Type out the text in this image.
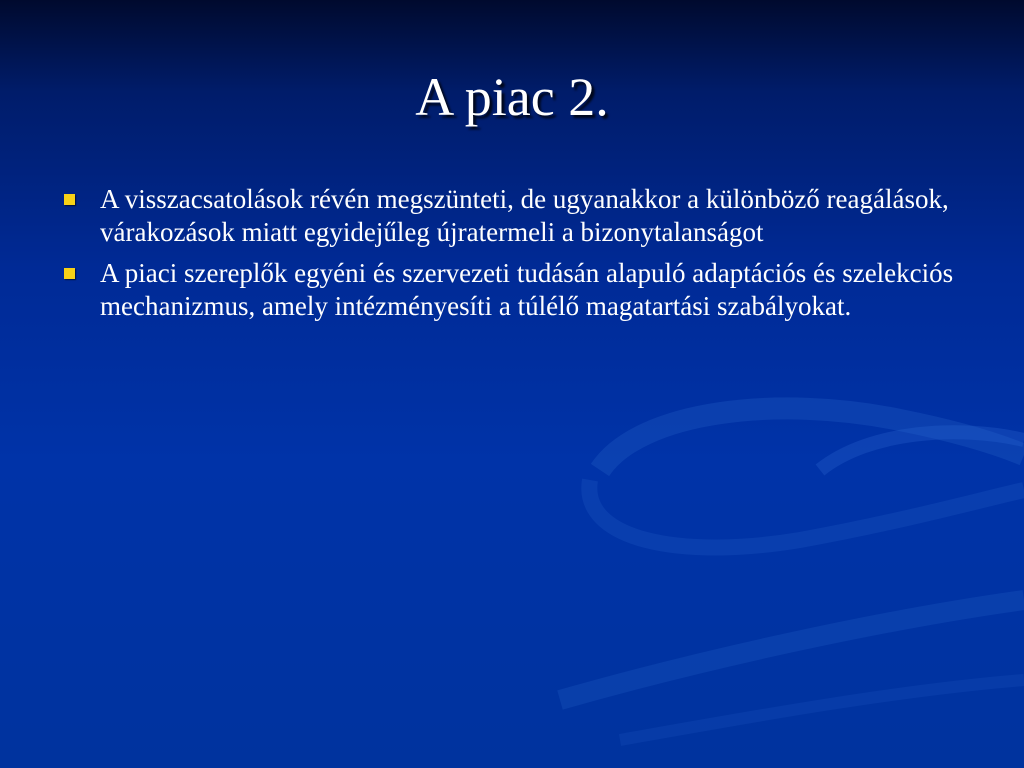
A piac 2.
A visszacsatolások révén megszünteti, de ugyanakkor a különböző reagálások, várakozások miatt egyidejűleg újratermeli a bizonytalanságot
A piaci szereplők egyéni és szervezeti tudásán alapuló adaptációs és szelekciós mechanizmus, amely intézményesíti a túlélő magatartási szabályokat.
